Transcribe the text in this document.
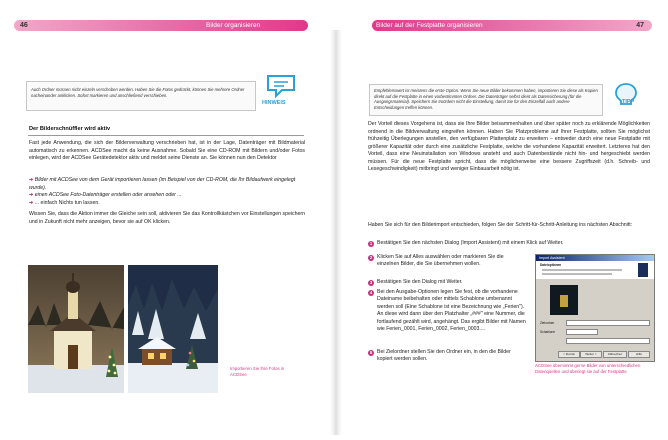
46	Bilder organisieren	Bilder auf der Festplatte organisieren	47
Auch Ordner müssen nicht einzeln verschoben werden. Haben Sie die Fotos gedrückt, können Sie mehrere Ordner nacheinander anklicken. Sofort markieren und anschließend verschieben.
HINWEIS
Der Bilderschnüffler wird aktiv
Fast jede Anwendung, die sich der Bilderverwaltung verschrieben hat, ist in der Lage, Datenträger mit Bildmaterial automatisch zu erkennen. ACDSee macht da keine Ausnahme. Sobald Sie eine CD-ROM mit Bildern und/oder Fotos einlegen, wird der ACDSee Gerätedetektor aktiv und meldet seine Dienste an. Sie können nun den Detektor
➔ Bilder mit ACDSee von dem Gerät importieren lassen (im Beispiel von der CD-ROM, die Ihr Bildaufwerk eingelegt wurde).
➔ einen ACDSee Foto-Datenträger erstellen oder ansehen oder ...
➔ ... einfach Nichts tun lassen.
Wissen Sie, dass die Aktion immer die Gleiche sein soll, aktivieren Sie das Kontrollkästchen vor Einstellungen speichern und in Zukunft nicht mehr anzeigen, bevor sie auf OK klicken.
Importieren Sie Ihre Fotos in ACDSee
Empfehlenswert ist meistens die erste Option. Wenn Sie neue Bilder bekommen haben, importieren Sie diese als Kopien direkt auf die Festplatte in einen vorbestimmten Ordner. Die Datenträger selbst dient als Datensicherung (für die Ausgangsmaterial). Speichern Sie trotzdem nicht die Einstellung, damit Sie für den Einzelfall auch andere Entscheidungen treffen können.
TIPP
Der Vorteil dieses Vorgehens ist, dass sie Ihre Bilder beisammenhalten und über später noch zu erklärende Möglichkeiten ordnend in die Bildverwaltung eingreifen können. Haben Sie Platzprobleme auf Ihrer Festplatte, sollten Sie möglichst frühzeitig Überlegungen anstellen, den verfügbaren Plattenplatz zu erweitern – entweder durch eine neue Festplatte mit größerer Kapazität oder durch eine zusätzliche Festplatte, welche die vorhandene Kapazität erweitert. Letzteres hat den Vorteil, dass eine Neuinstallation von Windows ansteht und auch Datenbestände nicht hin- und hergeschiebt werden müssen. Für die neue Festplatte spricht, dass die möglicherweise eine bessere Zugriffszeit (d.h. Schreib- und Lesegeschwindigkeit) mitbringt und weniger Einbauarbeit nötig ist.
Haben Sie sich für den Bilderimport entschieden, folgen Sie der Schritt-für-Schritt-Anleitung ins nächsten Abschnitt:
1 Bestätigen Sie den nächsten Dialog (Import Assistent) mit einem Klick auf Weiter.
2 Klicken Sie auf Alles auswählen oder markieren Sie die einzelnen Bilder, die Sie übernehmen wollen.
3 Bestätigen Sie den Dialog mit Weiter.
4 Bei den Ausgabe-Optionen legen Sie fest, ob die vorhandene Dateiname beibehalten oder mittels Schablone umbenannt werden soll (Eine Schablone ist eine Bezeichnung wie „Ferien"). An diese wird dann über den Platzhalter „###" eine Nummer, die fortlaufend gezählt wird, angehängt. Das ergibt Bilder mit Namen wie Ferien_0001, Ferien_0002, Ferien_0003....
5 Bei Zielordner stellen Sie den Ordner ein, in den die Bilder kopiert werden sollen.
Import Assistent
Dateioptionen
Zielordner
Schablone
< Zurück	Weiter >	Abbrechen	Hilfe
ACDSee übernimmt gerne Bilder von unterschiedlichen Datenquellen und überlegt sie auf der Festplatte
